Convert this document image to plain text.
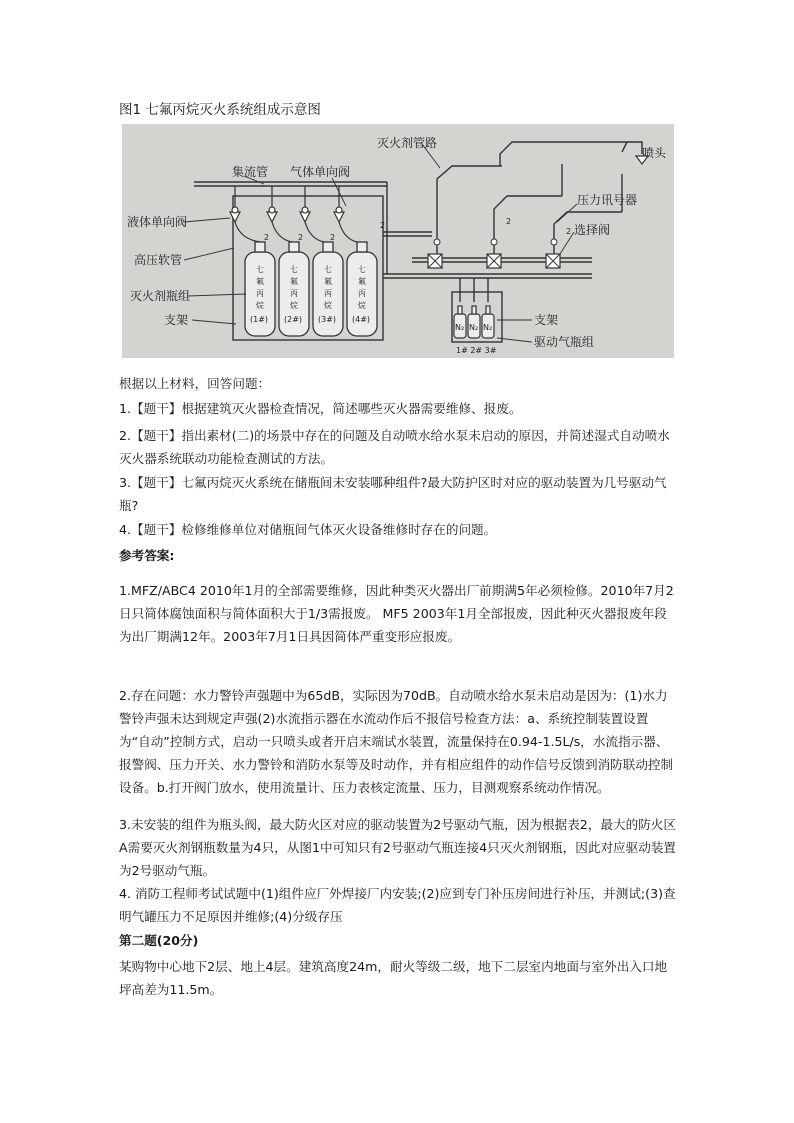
图1 七氟丙烷灭火系统组成示意图
灭火剂管路
喷头
集流管 气体单向阀
液体单向阀
高压软管
灭火剂瓶组
支架
压力讯号器
选择阀
支架
驱动气瓶组
七
氟
丙
烷
(1#)
七
氟
丙
烷
(2#)
七
氟
丙
烷
(3#)
七
氟
丙
烷
(4#)
N₂ N₂ N₂
1# 2# 3#
2
2	2	2
2
2
根据以上材料，回答问题：
1.【题干】根据建筑灭火器检查情况，简述哪些灭火器需要维修、报废。
2.【题干】指出素材(二)的场景中存在的问题及自动喷水给水泵未启动的原因，并简述湿式自动喷水灭火器系统联动功能检查测试的方法。
3.【题干】七氟丙烷灭火系统在储瓶间未安装哪种组件?最大防护区时对应的驱动装置为几号驱动气瓶?
4.【题干】检修维修单位对储瓶间气体灭火设备维修时存在的问题。
参考答案:
1.MFZ/ABC4 2010年1月的全部需要维修，因此种类灭火器出厂前期满5年必须检修。2010年7月2日只简体腐蚀面积与简体面积大于1/3需报废。 MF5 2003年1月全部报废，因此种灭火器报废年段为出厂期满12年。2003年7月1日具因简体严重变形应报废。
2.存在问题：水力警铃声强题中为65dB，实际因为70dB。自动喷水给水泵未启动是因为：(1)水力警铃声强未达到规定声强(2)水流指示器在水流动作后不报信号检查方法：a、系统控制装置设置为“自动”控制方式，启动一只喷头或者开启末端试水装置，流量保持在0.94-1.5L/s，水流指示器、报警阀、压力开关、水力警铃和消防水泵等及时动作，并有相应组件的动作信号反馈到消防联动控制设备。b.打开阀门放水，使用流量计、压力表核定流量、压力，目测观察系统动作情况。
3.未安装的组件为瓶头阀，最大防火区对应的驱动装置为2号驱动气瓶，因为根据表2，最大的防火区A需要灭火剂钢瓶数量为4只，从图1中可知只有2号驱动气瓶连接4只灭火剂钢瓶，因此对应驱动装置为2号驱动气瓶。
4. 消防工程师考试试题中(1)组件应厂外焊接厂内安装;(2)应到专门补压房间进行补压，并测试;(3)查明气罐压力不足原因并维修;(4)分级存压
第二题(20分)
某购物中心地下2层、地上4层。建筑高度24m，耐火等级二级，地下二层室内地面与室外出入口地坪高差为11.5m。
